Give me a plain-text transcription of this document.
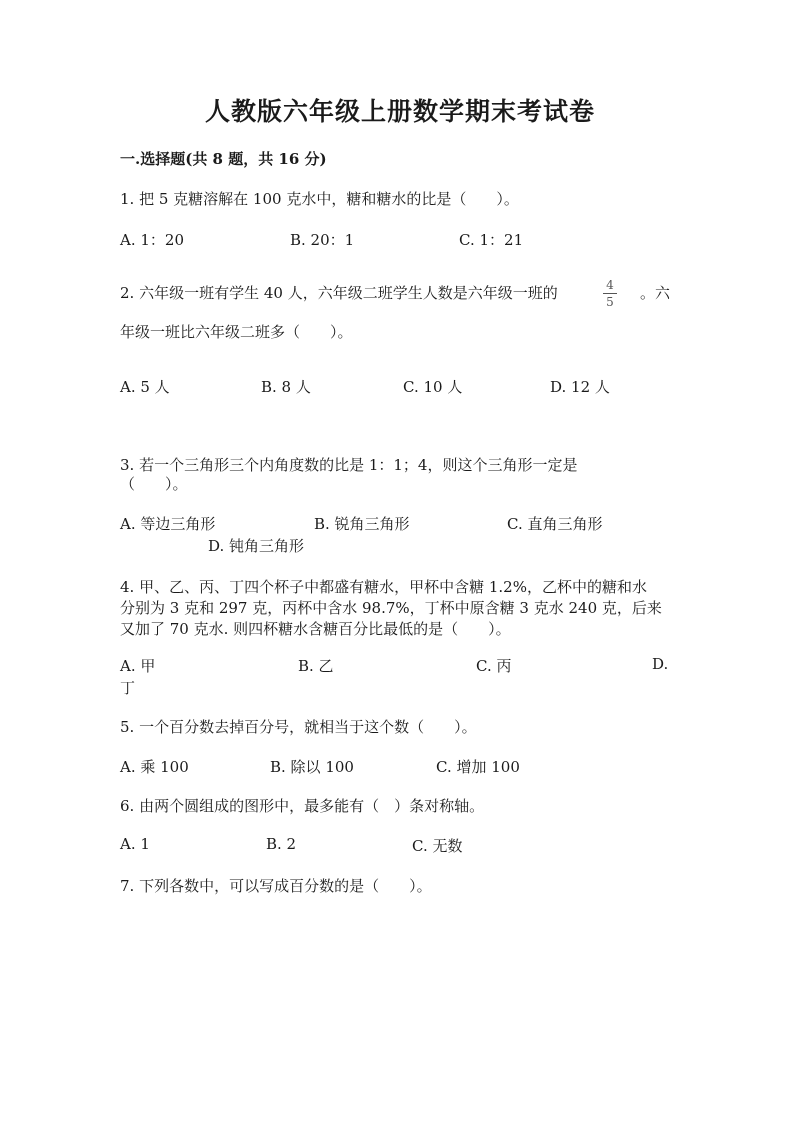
人教版六年级上册数学期末考试卷
一.选择题(共 8 题，共 16 分)
1. 把 5 克糖溶解在 100 克水中，糖和糖水的比是（　　）。
A. 1：20	B. 20：1	C. 1：21
2. 六年级一班有学生 40 人，六年级二班学生人数是六年级一班的	4
5	。六
年级一班比六年级二班多（　　）。
A. 5 人	B. 8 人	C. 10 人	D. 12 人
3. 若一个三角形三个内角度数的比是 1：1；4，则这个三角形一定是
（　　）。
A. 等边三角形	B. 锐角三角形	C. 直角三角形
D. 钝角三角形
4. 甲、乙、丙、丁四个杯子中都盛有糖水，甲杯中含糖 1.2%，乙杯中的糖和水
分别为 3 克和 297 克，丙杯中含水 98.7%，丁杯中原含糖 3 克水 240 克，后来
又加了 70 克水. 则四杯糖水含糖百分比最低的是（　　）。
A. 甲	B. 乙	C. 丙	D.
丁
5. 一个百分数去掉百分号，就相当于这个数（　　）。
A. 乘 100	B. 除以 100	C. 增加 100
6. 由两个圆组成的图形中，最多能有（　）条对称轴。
A. 1	B. 2	C. 无数
7. 下列各数中，可以写成百分数的是（　　）。
